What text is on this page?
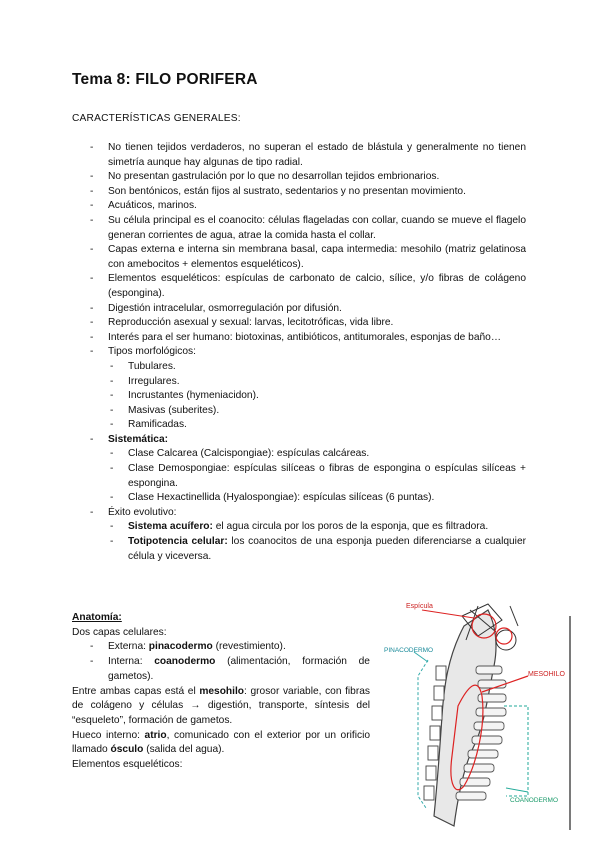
Tema 8: FILO PORIFERA
CARACTERÍSTICAS GENERALES:
- No tienen tejidos verdaderos, no superan el estado de blástula y generalmente no tienen simetría aunque hay algunas de tipo radial.
- No presentan gastrulación por lo que no desarrollan tejidos embrionarios.
- Son bentónicos, están fijos al sustrato, sedentarios y no presentan movimiento.
- Acuáticos, marinos.
- Su célula principal es el coanocito: células flageladas con collar, cuando se mueve el flagelo generan corrientes de agua, atrae la comida hasta el collar.
- Capas externa e interna sin membrana basal, capa intermedia: mesohilo (matriz gelatinosa con amebocitos + elementos esqueléticos).
- Elementos esqueléticos: espículas de carbonato de calcio, sílice, y/o fibras de colágeno (espongina).
- Digestión intracelular, osmorregulación por difusión.
- Reproducción asexual y sexual: larvas, lecitotróficas, vida libre.
- Interés para el ser humano: biotoxinas, antibióticos, antitumorales, esponjas de baño…
- Tipos morfológicos:
- Tubulares.
- Irregulares.
- Incrustantes (hymeniacidon).
- Masivas (suberites).
- Ramificadas.
- Sistemática:
- Clase Calcarea (Calcispongiae): espículas calcáreas.
- Clase Demospongiae: espículas silíceas o fibras de espongina o espículas silíceas + espongina.
- Clase Hexactinellida (Hyalospongiae): espículas silíceas (6 puntas).
- Éxito evolutivo:
- Sistema acuífero: el agua circula por los poros de la esponja, que es filtradora.
- Totipotencia celular: los coanocitos de una esponja pueden diferenciarse a cualquier célula y viceversa.
Anatomía:
Dos capas celulares:
- Externa: pinacodermo (revestimiento).
- Interna: coanodermo (alimentación, formación de gametos).
Entre ambas capas está el mesohilo: grosor variable, con fibras de colágeno y células → digestión, transporte, síntesis del “esqueleto”, formación de gametos.
Hueco interno: atrio, comunicado con el exterior por un orificio llamado ósculo (salida del agua).
Elementos esqueléticos:
Espícula
PINACODERMO
MESOHILO
COANODERMO
